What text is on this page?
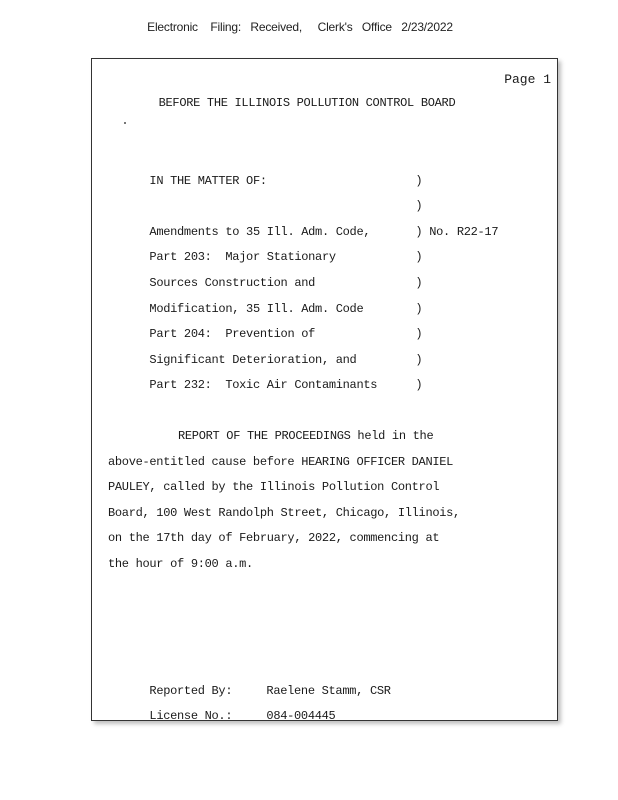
Electronic    Filing:   Received,     Clerk's   Office   2/23/2022
Page 1
BEFORE THE ILLINOIS POLLUTION CONTROL BOARD

IN THE MATTER OF:	)

)

Amendments to 35 Ill. Adm. Code,	) No. R22-17

Part 203:  Major Stationary	)

Sources Construction and	)

Modification, 35 Ill. Adm. Code	)

Part 204:  Prevention of	)

Significant Deterioration, and	)

Part 232:  Toxic Air Contaminants	)

REPORT OF THE PROCEEDINGS held in the
above-entitled cause before HEARING OFFICER DANIEL
PAULEY, called by the Illinois Pollution Control
Board, 100 West Randolph Street, Chicago, Illinois,
on the 17th day of February, 2022, commencing at
the hour of 9:00 a.m.

Reported By:	Raelene Stamm, CSR

License No.:	084-004445
